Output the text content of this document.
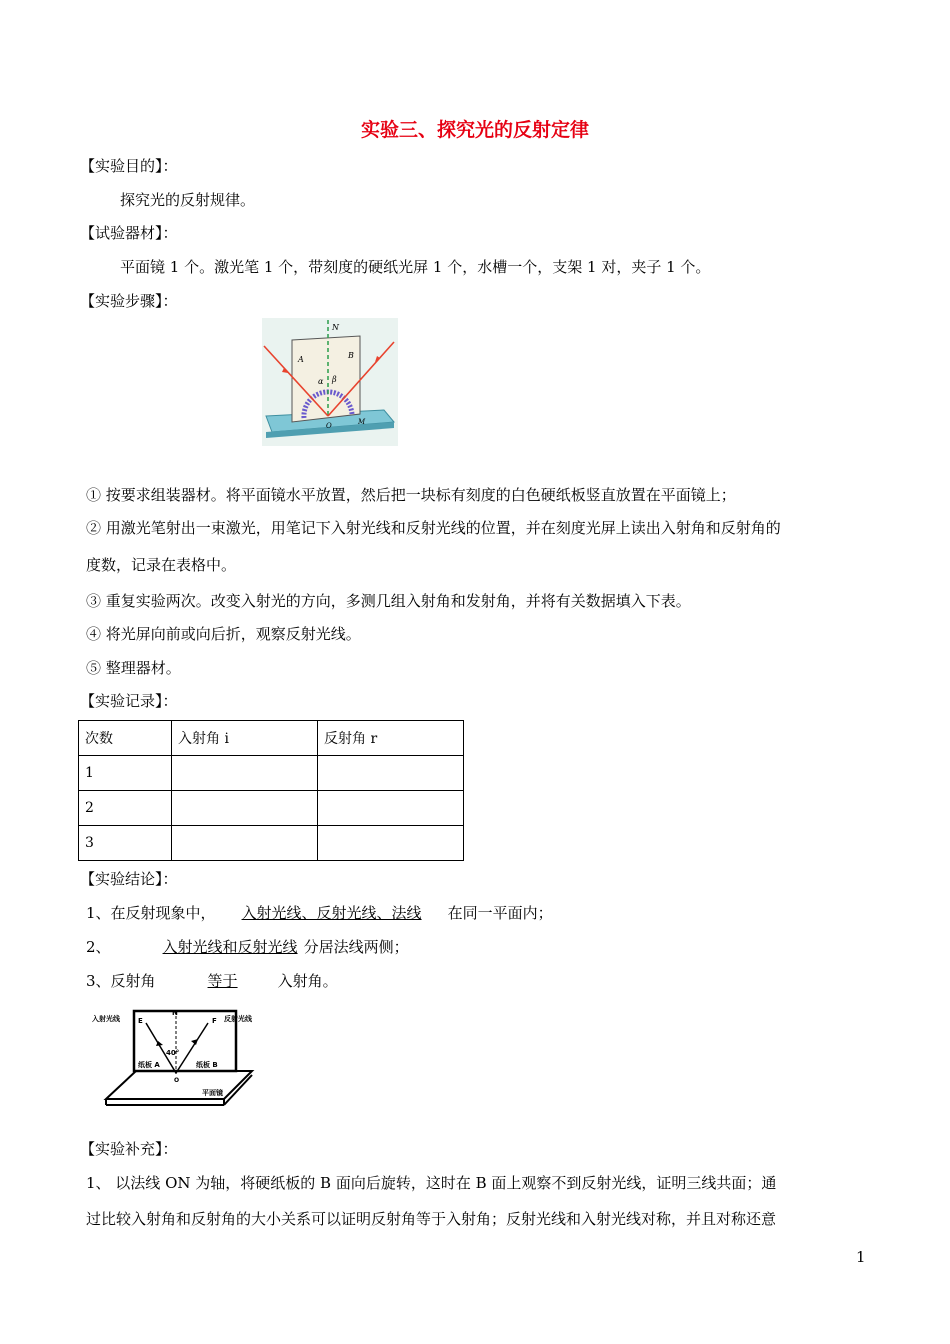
实验三、探究光的反射定律
【实验目的】：
探究光的反射规律。
【试验器材】：
平面镜 1 个。激光笔 1 个，带刻度的硬纸光屏 1 个，水槽一个，支架 1 对，夹子 1 个。
【实验步骤】：
N
A	B
α β
O	M
① 按要求组装器材。将平面镜水平放置，然后把一块标有刻度的白色硬纸板竖直放置在平面镜上；
② 用激光笔射出一束激光，用笔记下入射光线和反射光线的位置，并在刻度光屏上读出入射角和反射角的
度数，记录在表格中。
③ 重复实验两次。改变入射光的方向，多测几组入射角和发射角，并将有关数据填入下表。
④ 将光屏向前或向后折，观察反射光线。
⑤ 整理器材。
【实验记录】：
次数	入射角 i	反射角 r
1		
2		
3		
【实验结论】：
1、在反射现象中， 入射光线、反射光线、法线 在同一平面内；
2、	入射光线和反射光线 分居法线两侧；
3、反射角	等于	入射角。
入射光线	E
N
F 反射光线
40°
纸板 A	纸板 B
O
平面镜
【实验补充】：
1、 以法线 ON 为轴，将硬纸板的 B 面向后旋转，这时在 B 面上观察不到反射光线，证明三线共面；通
过比较入射角和反射角的大小关系可以证明反射角等于入射角；反射光线和入射光线对称，并且对称还意
1
